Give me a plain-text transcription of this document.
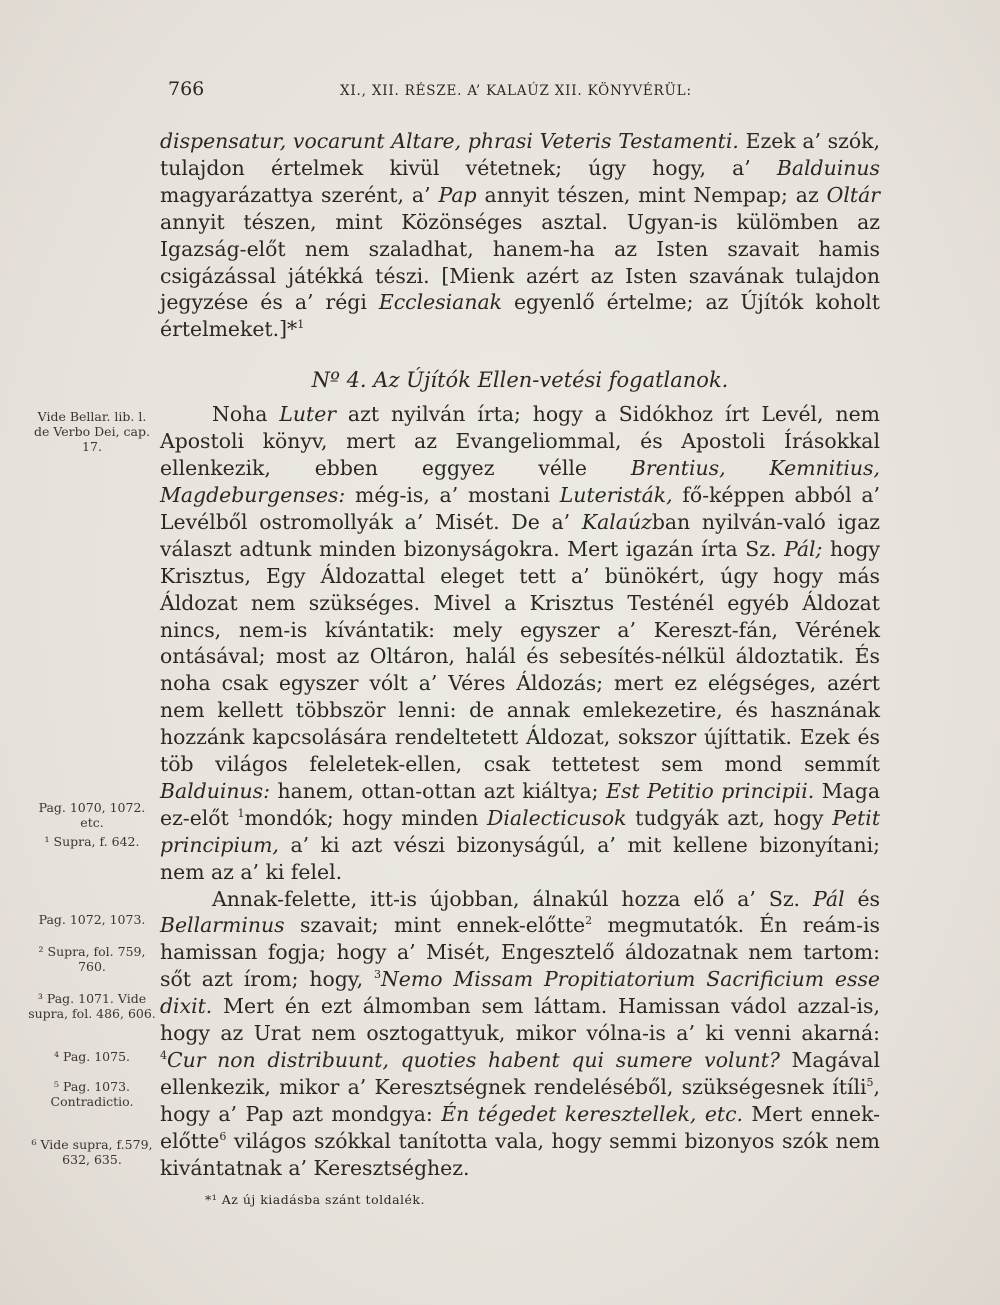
766	XI., XII. RÉSZE. A’ KALAÚZ XII. KÖNYVÉRÜL:

dispensatur, vocarunt Altare, phrasi Veteris Testamenti. Ezek a’ szók, tulajdon értelmek kivül vétetnek; úgy hogy, a’ Balduinus magyarázattya szerént, a’ Pap annyit tészen, mint Nempap; az Oltár annyit tészen, mint Közönséges asztal. Ugyan-is külömben az Igazság-előt nem szaladhat, hanem-ha az Isten szavait hamis csigázással játékká tészi. [Mienk azért az Isten szavának tulajdon jegyzése és a’ régi Ecclesianak egyenlő értelme; az Újítók koholt értelmeket.]*$^1$

Nº 4. Az Újítók Ellen-vetési fogatlanok.

Noha Luter azt nyilván írta; hogy a Sidókhoz írt Levél, nem Apostoli könyv, mert az Evangeliommal, és Apostoli Írásokkal ellenkezik, ebben eggyez vélle Brentius, Kemnitius, Magdeburgenses: még-is, a’ mostani Luteristák, fő-képpen abból a’ Levélből ostromollyák a’ Misét. De a’ Kalaúzban nyilván-való igaz választ adtunk minden bizonyságokra. Mert igazán írta Sz. Pál; hogy Krisztus, Egy Áldozattal eleget tett a’ bünökért, úgy hogy más Áldozat nem szükséges. Mivel a Krisztus Testénél egyéb Áldozat nincs, nem-is kívántatik: mely egyszer a’ Kereszt-fán, Vérének ontásával; most az Oltáron, halál és sebesítés-nélkül áldoztatik. És noha csak egyszer vólt a’ Véres Áldozás; mert ez elégséges, azért nem kellett többször lenni: de annak emlekezetire, és hasznának hozzánk kapcsolására rendeltetett Áldozat, sokszor újíttatik. Ezek és töb világos feleletek-ellen, csak tettetest sem mond semmít Balduinus: hanem, ottan-ottan azt kiáltya; Est Petitio principii. Maga ez-előt $^1$mondók; hogy minden Dialecticusok tudgyák azt, hogy Petit principium, a’ ki azt vészi bizonyságúl, a’ mit kellene bizonyítani; nem az a’ ki felel.

Annak-felette, itt-is újobban, álnakúl hozza elő a’ Sz. Pál és Bellarminus szavait; mint ennek-előtte$^2$ megmutatók. Én reám-is hamissan fogja; hogy a’ Misét, Engesztelő áldozatnak nem tartom: sőt azt írom; hogy, $^3$Nemo Missam Propitiatorium Sacrificium esse dixit. Mert én ezt álmomban sem láttam. Hamissan vádol azzal-is, hogy az Urat nem osztogattyuk, mikor vólna-is a’ ki venni akarná: $^4$Cur non distribuunt, quoties habent qui sumere volunt? Magával ellenkezik, mikor a’ Keresztségnek rendeléséből, szükségesnek ítíli$^5$, hogy a’ Pap azt mondgya: Én tégedet keresztellek, etc. Mert ennek-előtte$^6$ világos szókkal tanította vala, hogy semmi bizonyos szók nem kivántatnak a’ Keresztséghez.

Vide Bellar. lib. l. de Verbo Dei, cap. 17.
Pag. 1070, 1072. etc.
¹ Supra, f. 642.
Pag. 1072, 1073.
² Supra, fol. 759, 760.
³ Pag. 1071. Vide supra, fol. 486, 606.
⁴ Pag. 1075.
⁵ Pag. 1073. Contradictio.
⁶ Vide supra, f.579, 632, 635.
*¹ Az új kiadásba szánt toldalék.
